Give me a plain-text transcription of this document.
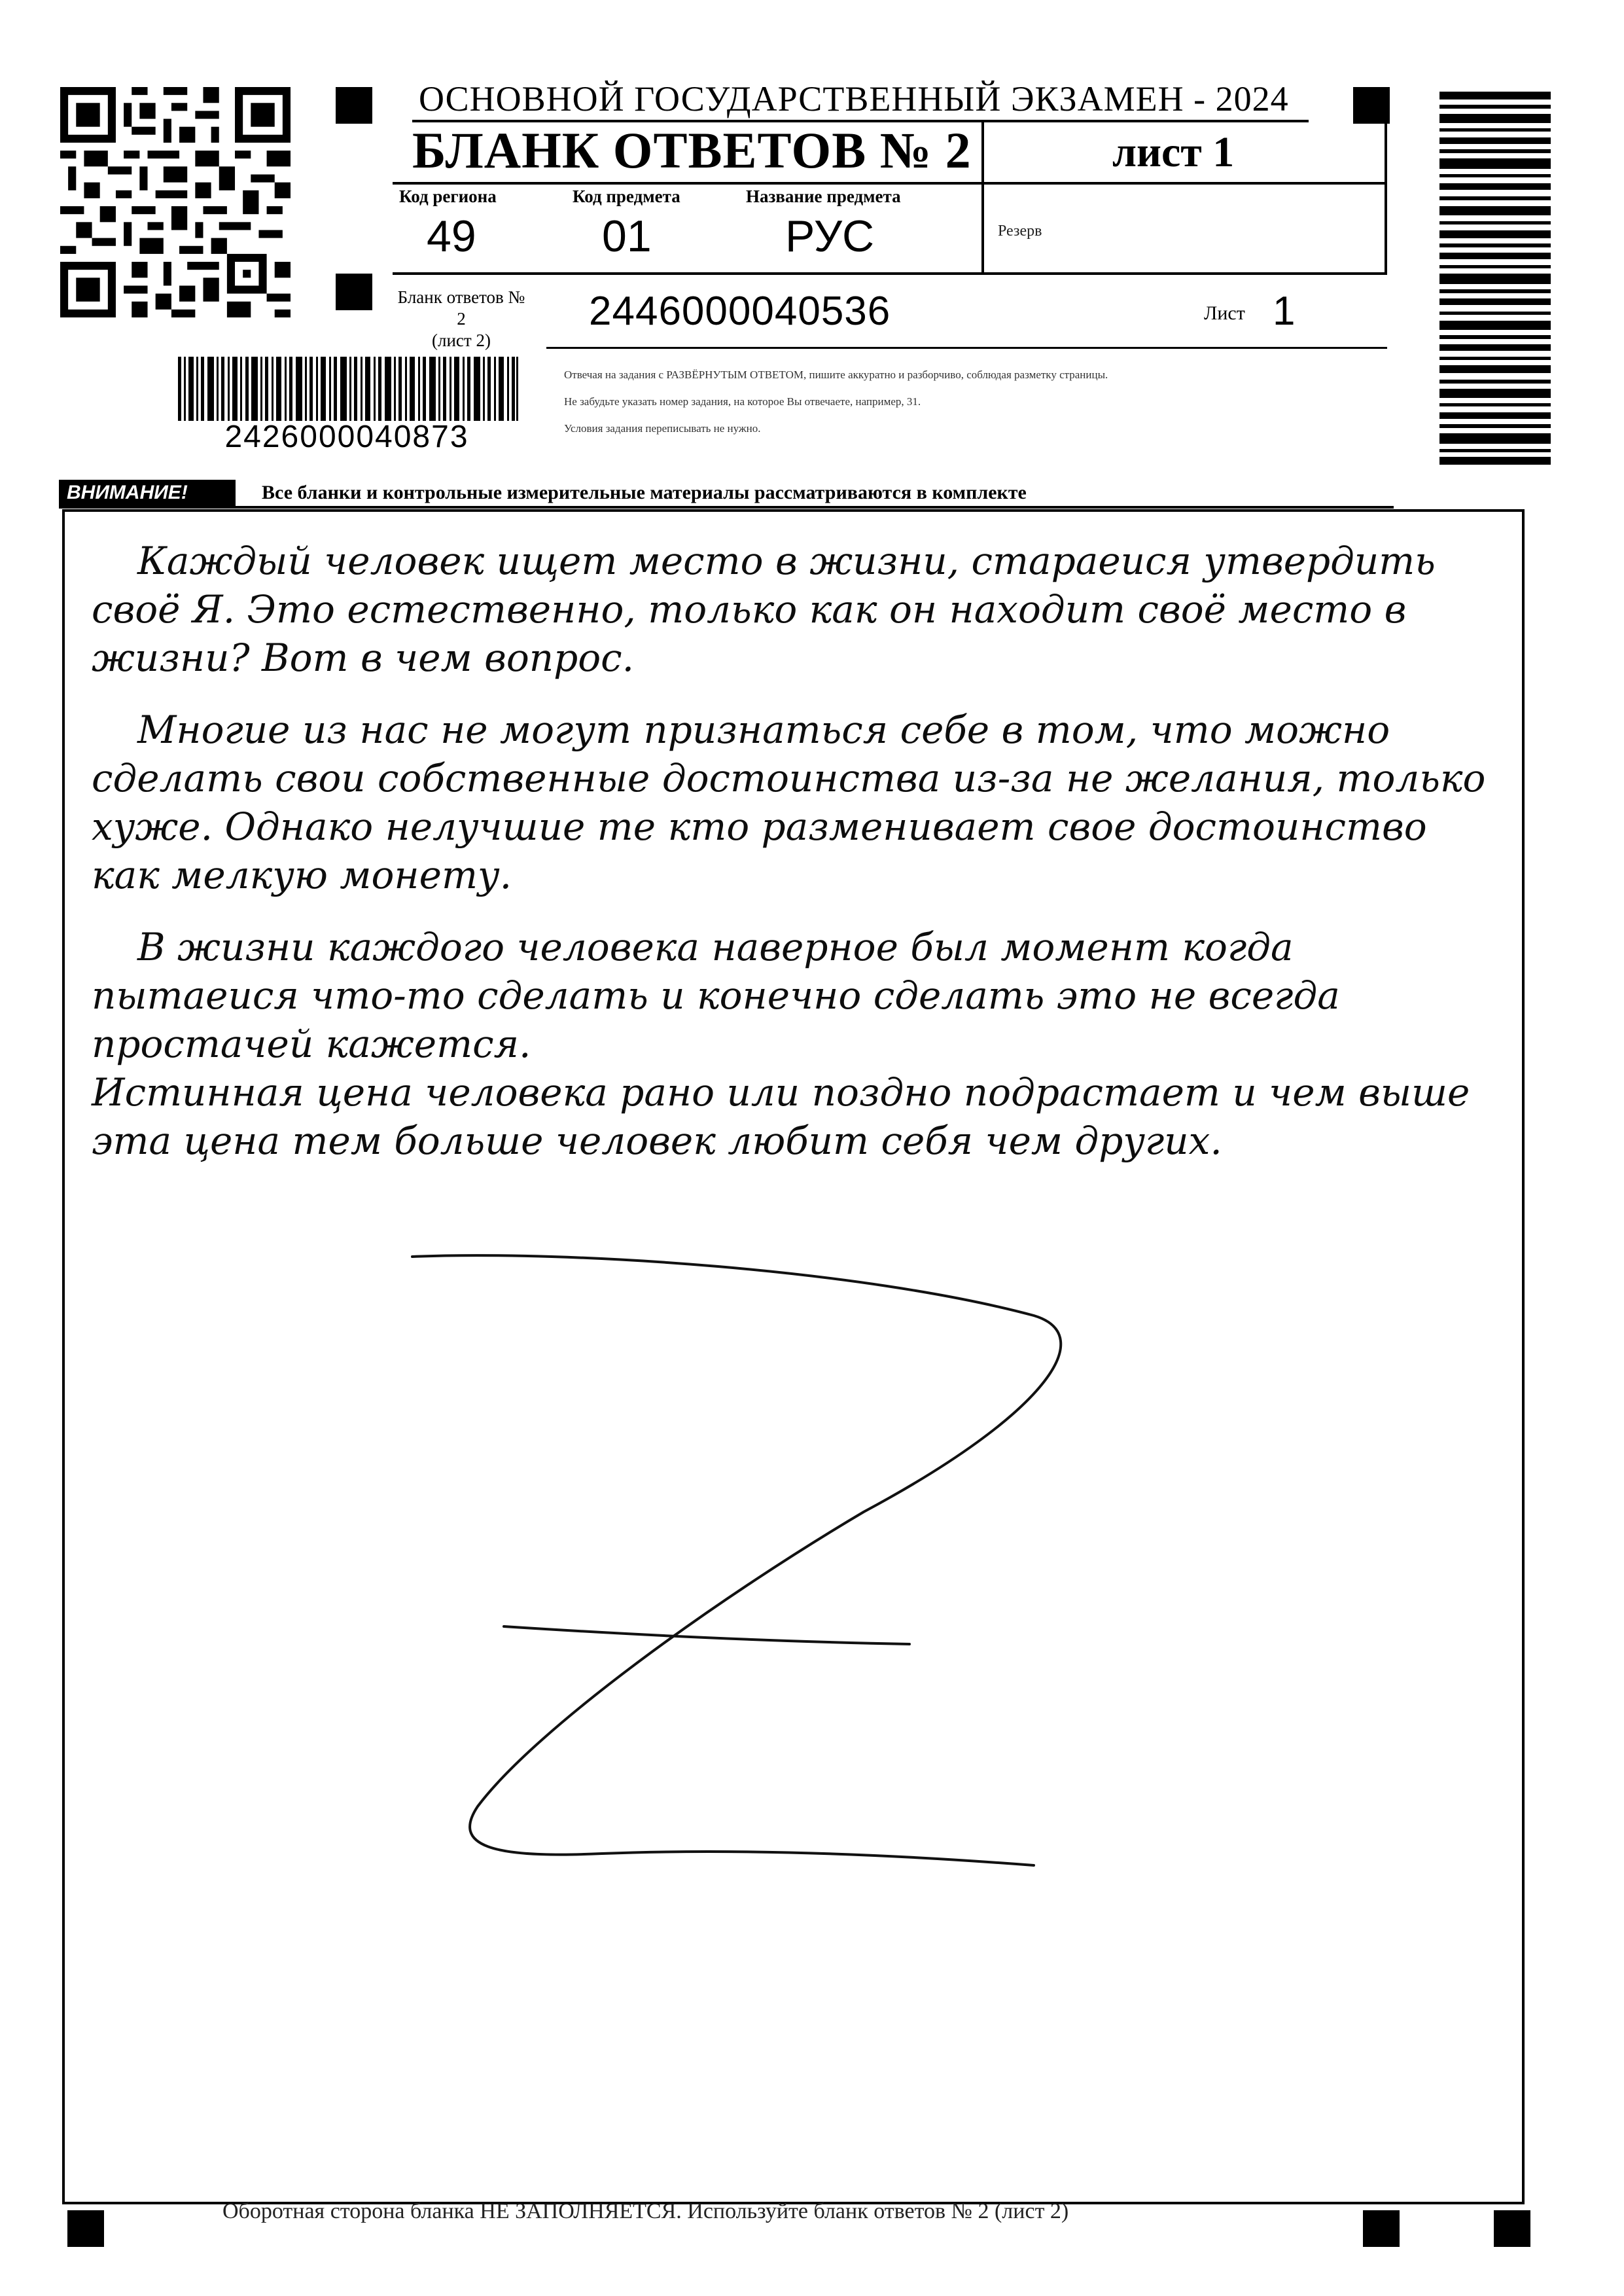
ОСНОВНОЙ ГОСУДАРСТВЕННЫЙ ЭКЗАМЕН - 2024
БЛАНК ОТВЕТОВ № 2	лист 1
Код региона
49
Код предмета
01
Название предмета
РУС	Резерв
Бланк ответов № 2
(лист 2)
2446000040536	Лист 1
Отвечая на задания с РАЗВЁРНУТЫМ ОТВЕТОМ, пишите аккуратно и разборчиво, соблюдая разметку страницы.
Не забудьте указать номер задания, на которое Вы отвечаете, например, 31.
Условия задания переписывать не нужно.
2426000040873
ВНИМАНИЕ!	Все бланки и контрольные измерительные материалы рассматриваются в комплекте

Каждый человек ищет место в жизни, стараеися утвердить своё Я. Это естественно, только как он находит своё место в жизни? Вот в чем вопрос.

Многие из нас не могут признаться себе в том, что можно сделать свои собственные достоинства из-за не желания, только хуже. Однако нелучшие те кто разменивает свое достоинство как мелкую монету.

В жизни каждого человека наверное был момент когда пытаеися что-то сделать и конечно сделать это не всегда простачей кажется.

Истинная цена человека рано или поздно подрастает и чем выше эта цена тем больше человек любит себя чем других.

Оборотная сторона бланка НЕ ЗАПОЛНЯЕТСЯ. Используйте бланк ответов № 2 (лист 2)
